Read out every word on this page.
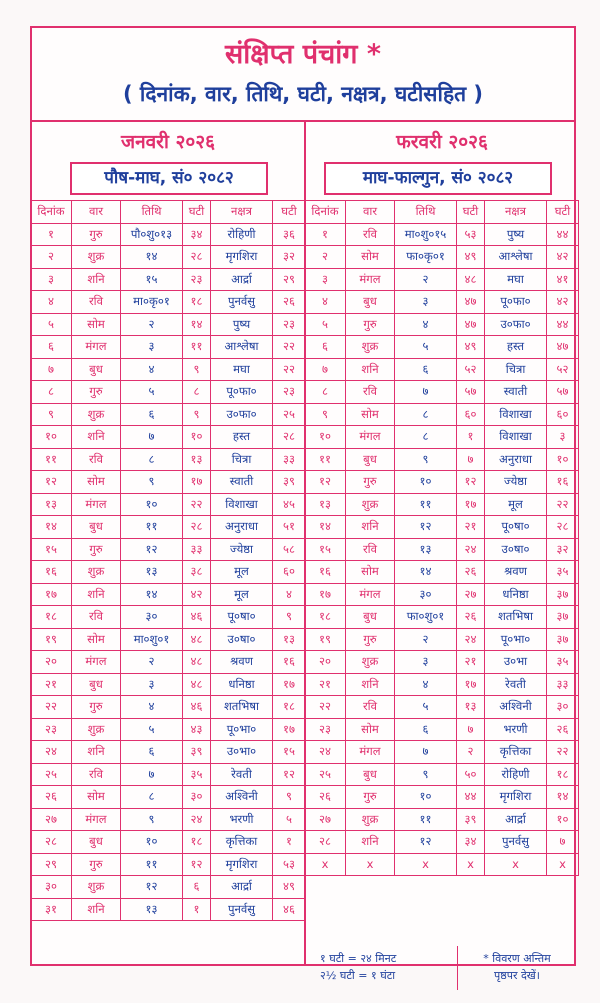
संक्षिप्त पंचांग *
( दिनांक, वार, तिथि, घटी, नक्षत्र, घटीसहित )
जनवरी २०२६	फरवरी २०२६
पौष-माघ, सं० २०८२	माघ-फाल्गुन, सं० २०८२
दिनांक	वार	तिथि	घटी	नक्षत्र	घटी
१	गुरु	पौ०शु०१३	३४	रोहिणी	३६
२	शुक्र	१४	२८	मृगशिरा	३२
३	शनि	१५	२३	आर्द्रा	२९
४	रवि	मा०कृ०१	१८	पुनर्वसु	२६
५	सोम	२	१४	पुष्य	२३
६	मंगल	३	११	आश्लेषा	२२
७	बुध	४	९	मघा	२२
८	गुरु	५	८	पू०फा०	२३
९	शुक्र	६	९	उ०फा०	२५
१०	शनि	७	१०	हस्त	२८
११	रवि	८	१३	चित्रा	३३
१२	सोम	९	१७	स्वाती	३९
१३	मंगल	१०	२२	विशाखा	४५
१४	बुध	११	२८	अनुराधा	५१
१५	गुरु	१२	३३	ज्येष्ठा	५८
१६	शुक्र	१३	३८	मूल	६०
१७	शनि	१४	४२	मूल	४
१८	रवि	३०	४६	पू०षा०	९
१९	सोम	मा०शु०१	४८	उ०षा०	१३
२०	मंगल	२	४८	श्रवण	१६
२१	बुध	३	४८	धनिष्ठा	१७
२२	गुरु	४	४६	शतभिषा	१८
२३	शुक्र	५	४३	पू०भा०	१७
२४	शनि	६	३९	उ०भा०	१५
२५	रवि	७	३५	रेवती	१२
२६	सोम	८	३०	अश्विनी	९
२७	मंगल	९	२४	भरणी	५
२८	बुध	१०	१८	कृत्तिका	१
२९	गुरु	११	१२	मृगशिरा	५३
३०	शुक्र	१२	६	आर्द्रा	४९
३१	शनि	१३	१	पुनर्वसु	४६
दिनांक	वार	तिथि	घटी	नक्षत्र	घटी
१	रवि	मा०शु०१५	५३	पुष्य	४४
२	सोम	फा०कृ०१	४९	आश्लेषा	४२
३	मंगल	२	४८	मघा	४१
४	बुध	३	४७	पू०फा०	४२
५	गुरु	४	४७	उ०फा०	४४
६	शुक्र	५	४९	हस्त	४७
७	शनि	६	५२	चित्रा	५२
८	रवि	७	५७	स्वाती	५७
९	सोम	८	६०	विशाखा	६०
१०	मंगल	८	१	विशाखा	३
११	बुध	९	७	अनुराधा	१०
१२	गुरु	१०	१२	ज्येष्ठा	१६
१३	शुक्र	११	१७	मूल	२२
१४	शनि	१२	२१	पू०षा०	२८
१५	रवि	१३	२४	उ०षा०	३२
१६	सोम	१४	२६	श्रवण	३५
१७	मंगल	३०	२७	धनिष्ठा	३७
१८	बुध	फा०शु०१	२६	शतभिषा	३७
१९	गुरु	२	२४	पू०भा०	३७
२०	शुक्र	३	२१	उ०भा	३५
२१	शनि	४	१७	रेवती	३३
२२	रवि	५	१३	अश्विनी	३०
२३	सोम	६	७	भरणी	२६
२४	मंगल	७	२	कृत्तिका	२२
२५	बुध	९	५०	रोहिणी	१८
२६	गुरु	१०	४४	मृगशिरा	१४
२७	शुक्र	११	३९	आर्द्रा	१०
२८	शनि	१२	३४	पुनर्वसु	७
x	x	x	x	x	x
१ घटी = २४ मिनट
२½ घटी = १ घंटा
* विवरण अन्तिम
पृष्ठपर देखें।
